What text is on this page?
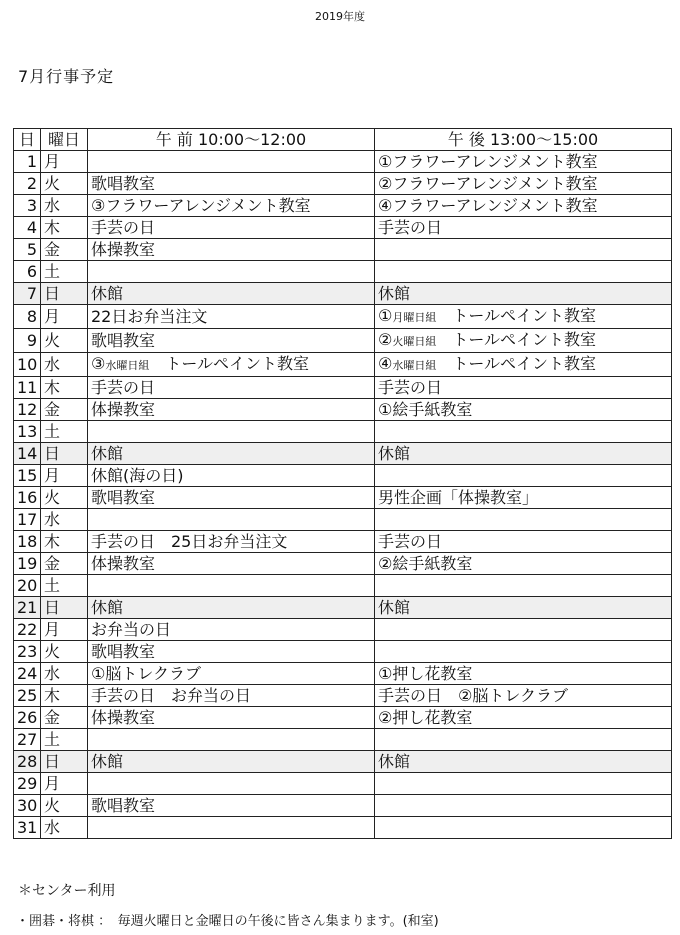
2019年度
7月行事予定
日	曜日	午 前 10:00～12:00	午 後 13:00～15:00
1	月		①フラワーアレンジメント教室
2	火	歌唱教室	②フラワーアレンジメント教室
3	水	③フラワーアレンジメント教室	④フラワーアレンジメント教室
4	木	手芸の日	手芸の日
5	金	体操教室	
6	土		
7	日	休館	休館
8	月	22日お弁当注文	①月曜日組　 トールペイント教室
9	火	歌唱教室	②火曜日組　 トールペイント教室
10	水	③水曜日組　 トールペイント教室	④水曜日組　 トールペイント教室
11	木	手芸の日	手芸の日
12	金	体操教室	①絵手紙教室
13	土		
14	日	休館	休館
15	月	休館(海の日)	
16	火	歌唱教室	男性企画「体操教室」
17	水		
18	木	手芸の日　25日お弁当注文	手芸の日
19	金	体操教室	②絵手紙教室
20	土		
21	日	休館	休館
22	月	お弁当の日	
23	火	歌唱教室	
24	水	①脳トレクラブ	①押し花教室
25	木	手芸の日　お弁当の日	手芸の日　②脳トレクラブ
26	金	体操教室	②押し花教室
27	土		
28	日	休館	休館
29	月		
30	火	歌唱教室	
31	水		
＊センター利用
・囲碁・将棋 ：　毎週火曜日と金曜日の午後に皆さん集まります。(和室)
